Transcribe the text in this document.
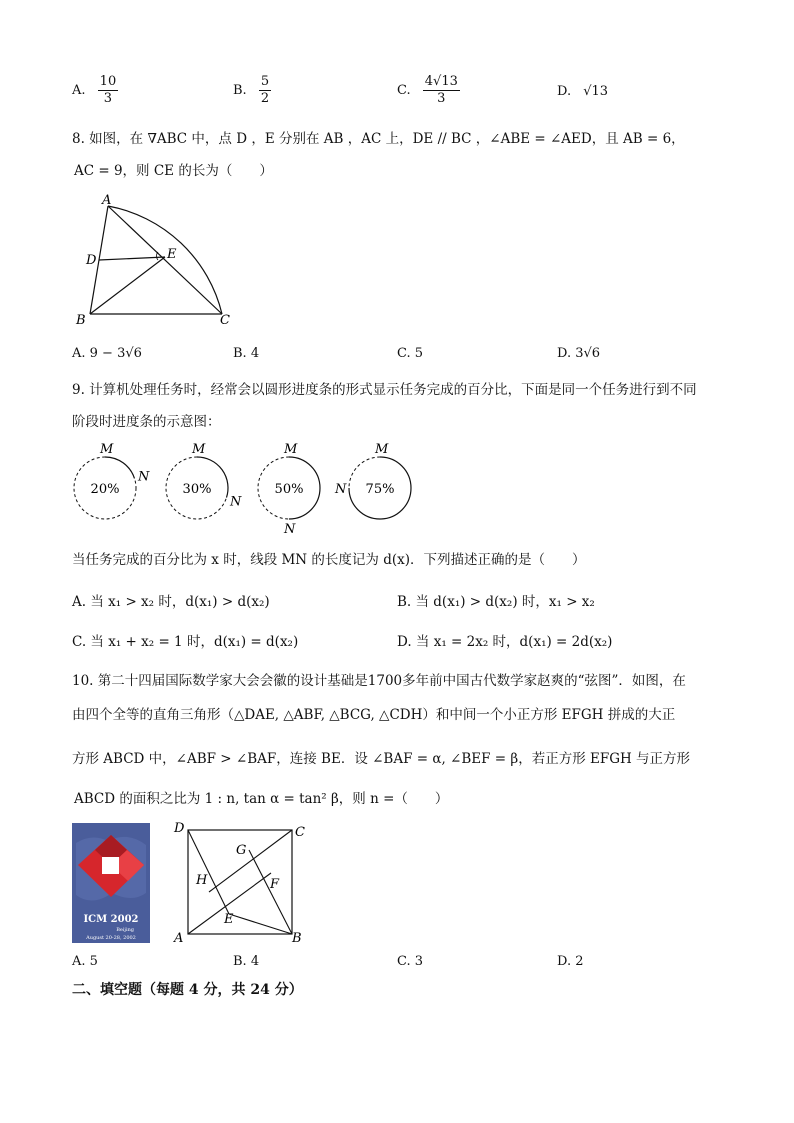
A. $\frac{10}{3}$	B. $\frac{5}{2}$	C. $\frac{4√13}{3}$	D. √13
8. 如图，在 ∇ABC 中，点 D ，E 分别在 AB ，AC 上，DE // BC ，∠ABE = ∠AED，且 AB = 6，
AC = 9，则 CE 的长为（　　）
A
D	E
B	C
A. 9 − 3√6	B. 4	C. 5	D. 3√6
9. 计算机处理任务时，经常会以圆形进度条的形式显示任务完成的百分比，下面是同一个任务进行到不同
阶段时进度条的示意图：
20%
M
N
30%
M
N
50%
M
N
75%
M
N
当任务完成的百分比为 x 时，线段 MN 的长度记为 d(x)．下列描述正确的是（　　）
A. 当 x₁ > x₂ 时，d(x₁) > d(x₂)	B. 当 d(x₁) > d(x₂) 时，x₁ > x₂
C. 当 x₁ + x₂ = 1 时，d(x₁) = d(x₂)	D. 当 x₁ = 2x₂ 时，d(x₁) = 2d(x₂)
10. 第二十四届国际数学家大会会徽的设计基础是1700多年前中国古代数学家赵爽的“弦图”．如图，在
由四个全等的直角三角形（△DAE, △ABF, △BCG, △CDH）和中间一个小正方形 EFGH 拼成的大正
方形 ABCD 中，∠ABF > ∠BAF，连接 BE．设 ∠BAF = α, ∠BEF = β，若正方形 EFGH 与正方形
ABCD 的面积之比为 1 : n, tan α = tan² β，则 n =（　　）
ICM 2002
Beijing
August 20-28, 2002
D	C
G
H	F
E
A	B
A. 5	B. 4	C. 3	D. 2
二、填空题（每题 4 分，共 24 分）
